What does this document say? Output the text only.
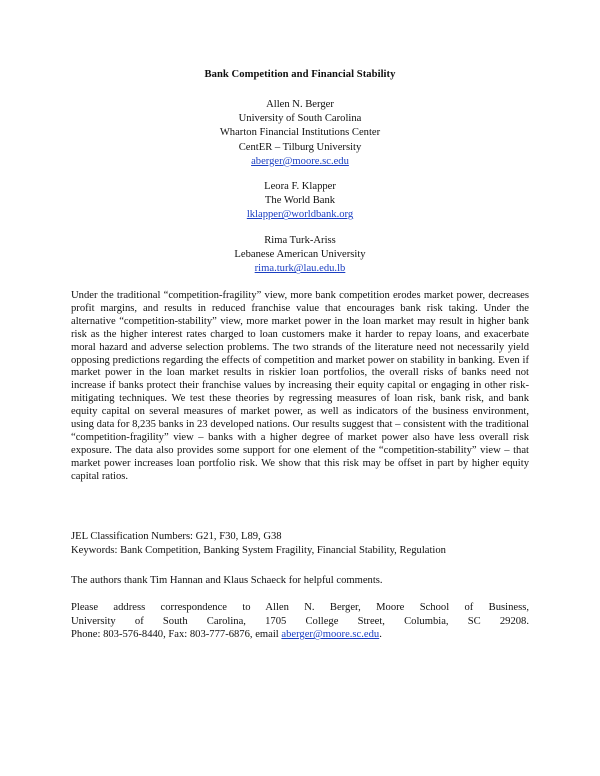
Bank Competition and Financial Stability
Allen N. Berger
University of South Carolina
Wharton Financial Institutions Center
CentER – Tilburg University
aberger@moore.sc.edu
Leora F. Klapper
The World Bank
lklapper@worldbank.org
Rima Turk-Ariss
Lebanese American University
rima.turk@lau.edu.lb
Under the traditional “competition-fragility” view, more bank competition erodes market power, decreases profit margins, and results in reduced franchise value that encourages bank risk taking. Under the alternative “competition-stability” view, more market power in the loan market may result in higher bank risk as the higher interest rates charged to loan customers make it harder to repay loans, and exacerbate moral hazard and adverse selection problems. The two strands of the literature need not necessarily yield opposing predictions regarding the effects of competition and market power on stability in banking. Even if market power in the loan market results in riskier loan portfolios, the overall risks of banks need not increase if banks protect their franchise values by increasing their equity capital or engaging in other risk-mitigating techniques. We test these theories by regressing measures of loan risk, bank risk, and bank equity capital on several measures of market power, as well as indicators of the business environment, using data for 8,235 banks in 23 developed nations. Our results suggest that – consistent with the traditional “competition-fragility” view – banks with a higher degree of market power also have less overall risk exposure. The data also provides some support for one element of the “competition-stability” view – that market power increases loan portfolio risk. We show that this risk may be offset in part by higher equity capital ratios.
JEL Classification Numbers: G21, F30, L89, G38
Keywords: Bank Competition, Banking System Fragility, Financial Stability, Regulation
The authors thank Tim Hannan and Klaus Schaeck for helpful comments.
Please address correspondence to Allen N. Berger, Moore School of Business,
University of South Carolina, 1705 College Street, Columbia, SC 29208.
Phone: 803-576-8440, Fax: 803-777-6876, email aberger@moore.sc.edu.
